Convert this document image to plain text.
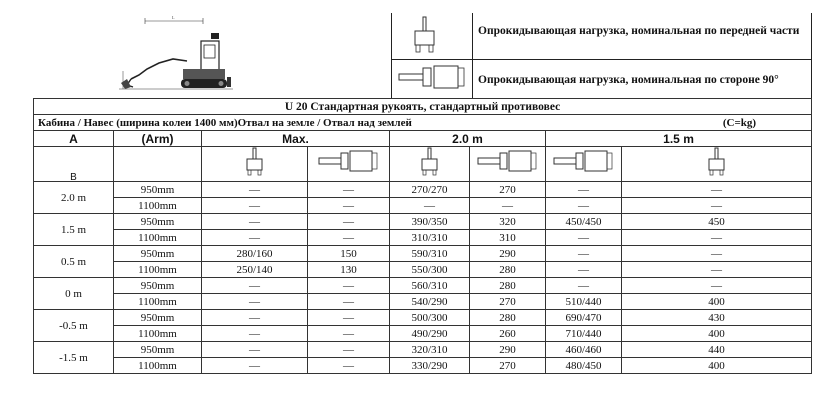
L
Опрокидывающая нагрузка, номинальная по передней части
Опрокидывающая нагрузка, номинальная по стороне 90°
U 20 Стандартная рукоять, стандартный противовес							
Кабина / Навес (ширина колеи 1400 мм)Отвал на земле / Отвал над землей (C=kg)							

A	(Arm)	Max.		2.0 m		1.5 m	
B							
2.0 m	950mm	—	—	270/270	270	—	—
	1100mm	—	—	—	—	—	—
1.5 m	950mm	—	—	390/350	320	450/450	450
	1100mm	—	—	310/310	310	—	—
0.5 m	950mm	280/160	150	590/310	290	—	—
	1100mm	250/140	130	550/300	280	—	—
0 m	950mm	—	—	560/310	280	—	—
	1100mm	—	—	540/290	270	510/440	400
-0.5 m	950mm	—	—	500/300	280	690/470	430
	1100mm	—	—	490/290	260	710/440	400
-1.5 m	950mm	—	—	320/310	290	460/460	440
	1100mm	—	—	330/290	270	480/450	400
